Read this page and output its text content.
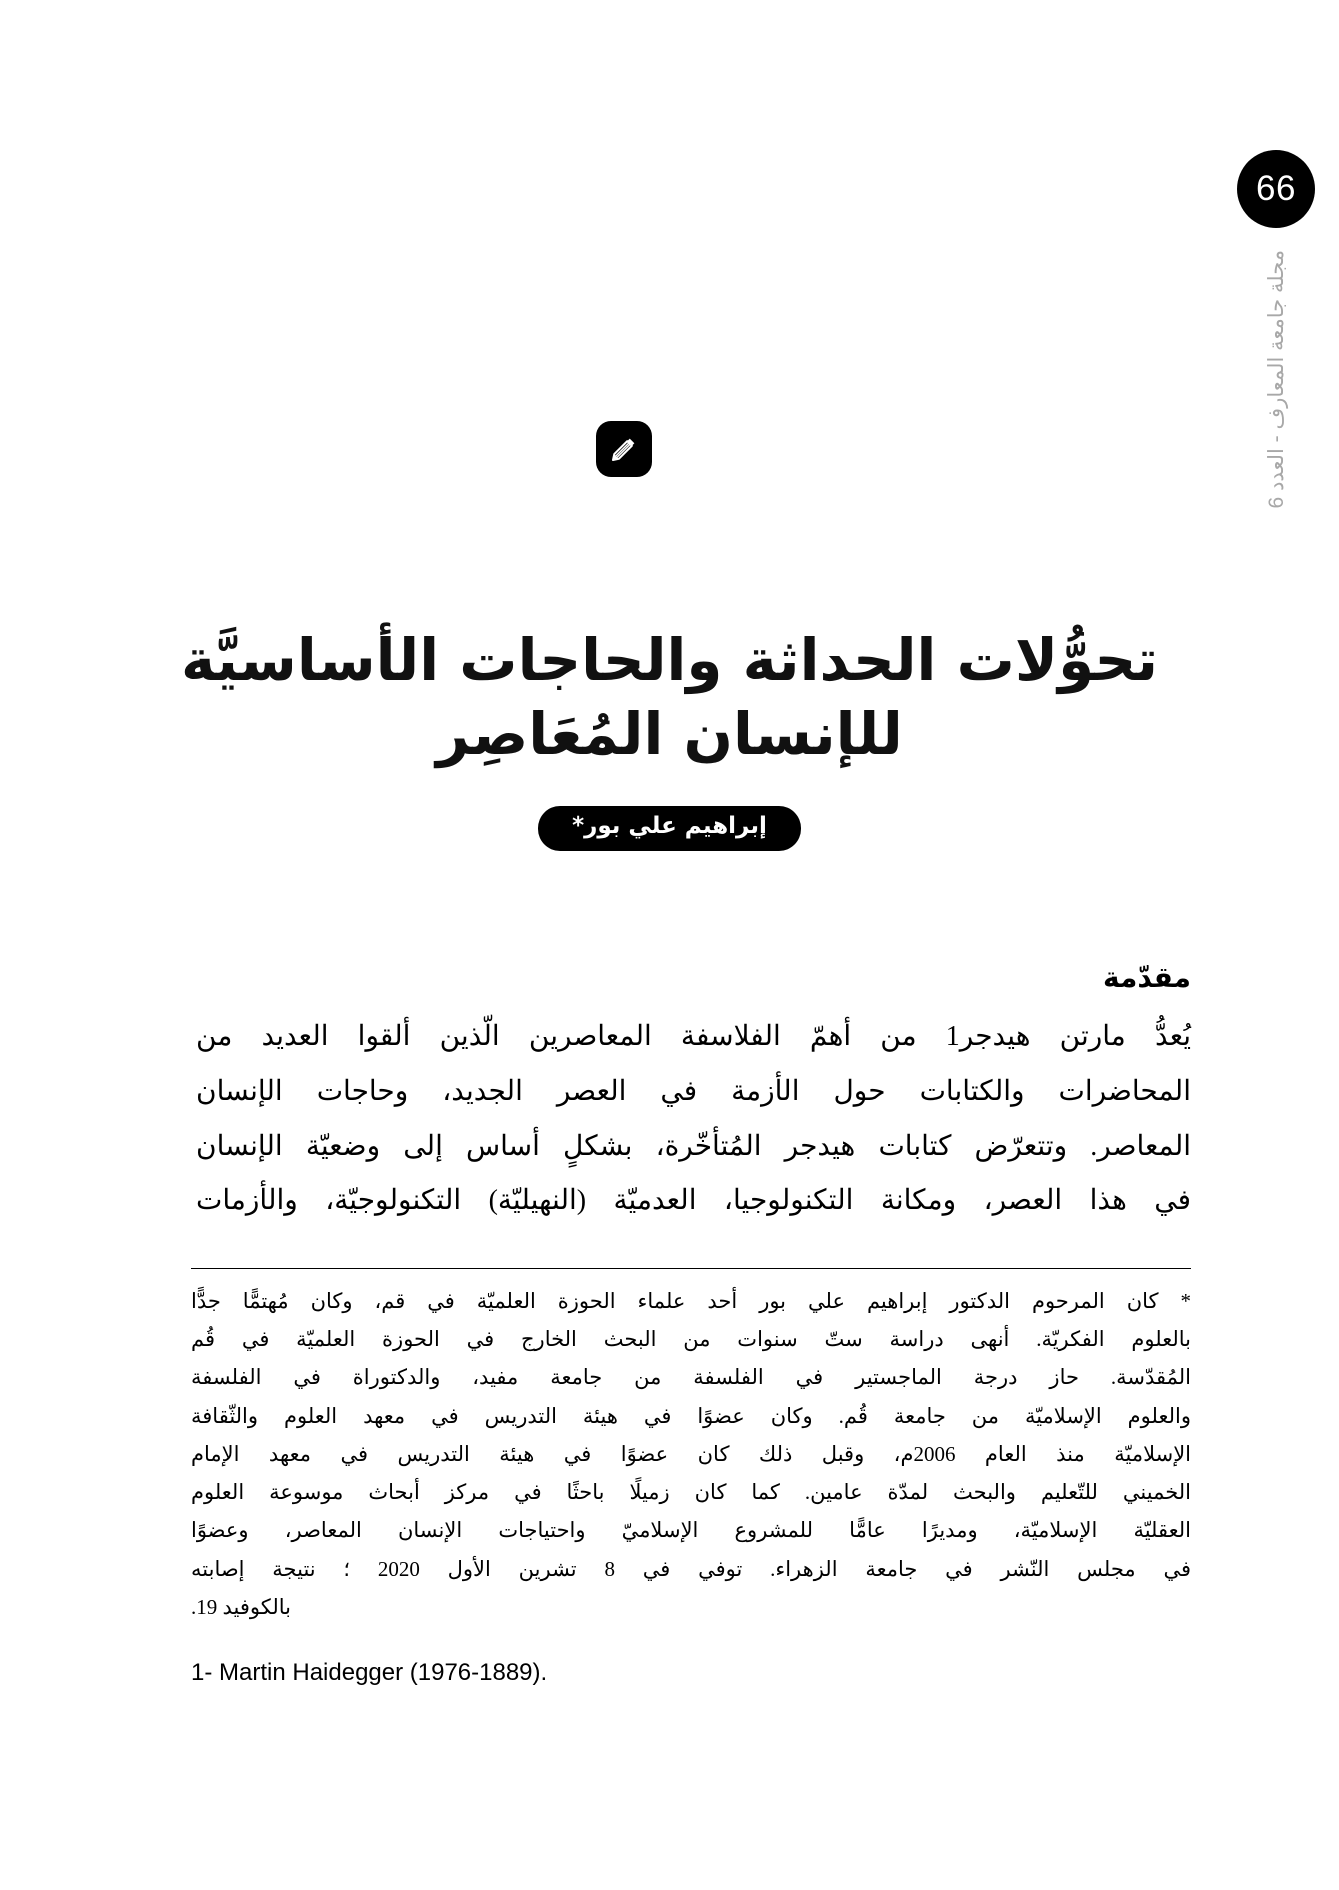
66
مجلة جامعة المعارف - العدد 6
تحوُّلات الحداثة والحاجات الأساسيَّة
للإنسان المُعَاصِر
إبراهيم علي بور*
مقدّمة
يُعدُّ مارتن هيدجر1 من أهمّ الفلاسفة المعاصرين الّذين ألقوا العديد من
المحاضرات والكتابات حول الأزمة في العصر الجديد، وحاجات الإنسان
المعاصر. وتتعرّض كتابات هيدجر المُتأخّرة، بشكلٍ أساس إلى وضعيّة الإنسان
في هذا العصر، ومكانة التكنولوجيا، العدميّة (النهيليّة) التكنولوجيّة، والأزمات
* كان المرحوم الدكتور إبراهيم علي بور أحد علماء الحوزة العلميّة في قم، وكان مُهتمًّا جدًّا
بالعلوم الفكريّة. أنهى دراسة ستّ سنوات من البحث الخارج في الحوزة العلميّة في قُم
المُقدّسة. حاز درجة الماجستير في الفلسفة من جامعة مفيد، والدكتوراة في الفلسفة
والعلوم الإسلاميّة من جامعة قُم. وكان عضوًا في هيئة التدريس في معهد العلوم والثّقافة
الإسلاميّة منذ العام 2006م، وقبل ذلك كان عضوًا في هيئة التدريس في معهد الإمام
الخميني للتّعليم والبحث لمدّة عامين. كما كان زميلًا باحثًا في مركز أبحاث موسوعة العلوم
العقليّة الإسلاميّة، ومديرًا عامًّا للمشروع الإسلاميّ واحتياجات الإنسان المعاصر، وعضوًا
في مجلس النّشر في جامعة الزهراء. توفي في 8 تشرين الأول 2020 ؛ نتيجة إصابته
بالكوفيد 19.
1- Martin Haidegger (1976-1889).
